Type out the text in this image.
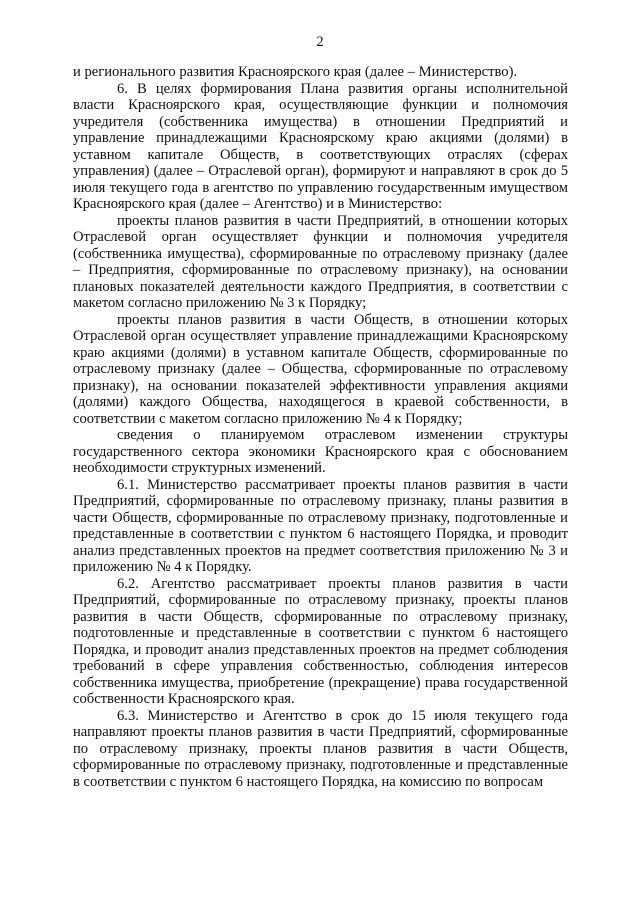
2

и регионального развития Красноярского края (далее – Министерство).

6. В целях формирования Плана развития органы исполнительной власти Красноярского края, осуществляющие функции и полномочия учредителя (собственника имущества) в отношении Предприятий и управление принадлежащими Красноярскому краю акциями (долями) в уставном капитале Обществ, в соответствующих отраслях (сферах управления) (далее – Отраслевой орган), формируют и направляют в срок до 5 июля текущего года в агентство по управлению государственным имуществом Красноярского края (далее – Агентство) и в Министерство:

проекты планов развития в части Предприятий, в отношении которых Отраслевой орган осуществляет функции и полномочия учредителя (собственника имущества), сформированные по отраслевому признаку (далее – Предприятия, сформированные по отраслевому признаку), на основании плановых показателей деятельности каждого Предприятия, в соответствии с макетом согласно приложению № 3 к Порядку;

проекты планов развития в части Обществ, в отношении которых Отраслевой орган осуществляет управление принадлежащими Красноярскому краю акциями (долями) в уставном капитале Обществ, сформированные по отраслевому признаку (далее – Общества, сформированные по отраслевому признаку), на основании показателей эффективности управления акциями (долями) каждого Общества, находящегося в краевой собственности, в соответствии с макетом согласно приложению № 4 к Порядку;

сведения о планируемом отраслевом изменении структуры государственного сектора экономики Красноярского края с обоснованием необходимости структурных изменений.

6.1. Министерство рассматривает проекты планов развития в части Предприятий, сформированные по отраслевому признаку, планы развития в части Обществ, сформированные по отраслевому признаку, подготовленные и представленные в соответствии с пунктом 6 настоящего Порядка, и проводит анализ представленных проектов на предмет соответствия приложению № 3 и приложению № 4 к Порядку.

6.2. Агентство рассматривает проекты планов развития в части Предприятий, сформированные по отраслевому признаку, проекты планов развития в части Обществ, сформированные по отраслевому признаку, подготовленные и представленные в соответствии с пунктом 6 настоящего Порядка, и проводит анализ представленных проектов на предмет соблюдения требований в сфере управления собственностью, соблюдения интересов собственника имущества, приобретение (прекращение) права государственной собственности Красноярского края.

6.3. Министерство и Агентство в срок до 15 июля текущего года направляют проекты планов развития в части Предприятий, сформированные по отраслевому признаку, проекты планов развития в части Обществ, сформированные по отраслевому признаку, подготовленные и представленные в соответствии с пунктом 6 настоящего Порядка, на комиссию по вопросам
